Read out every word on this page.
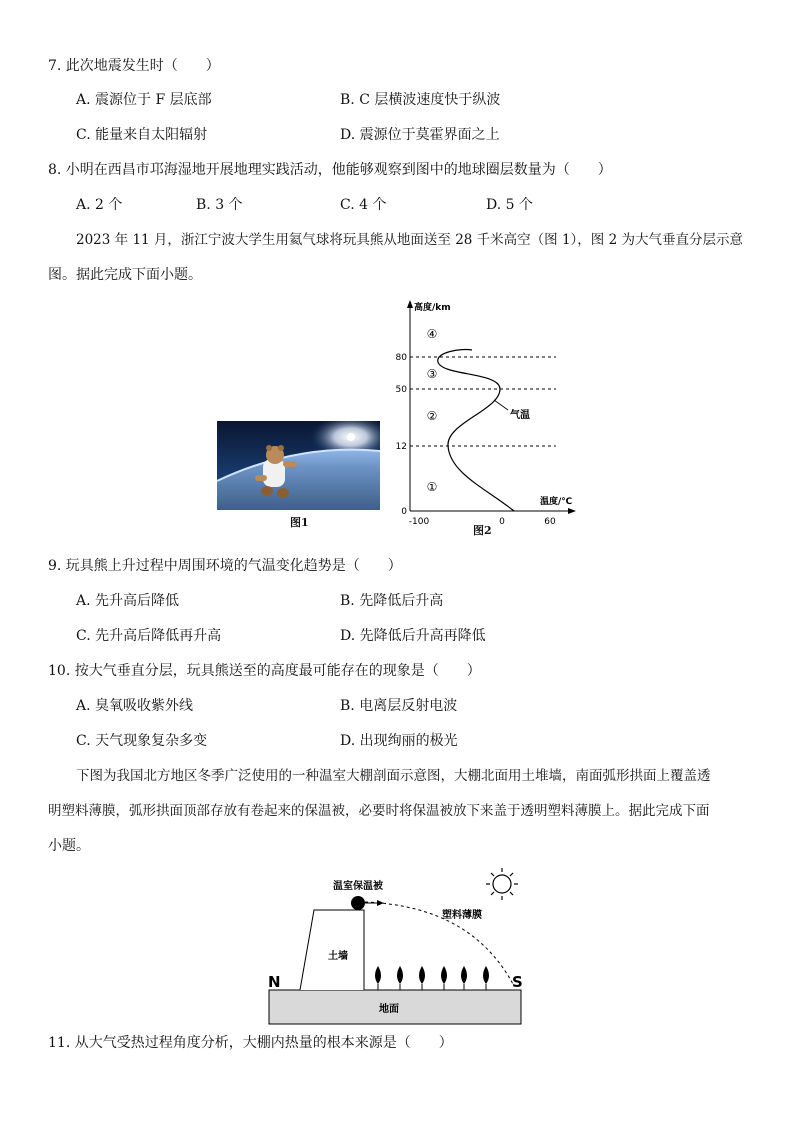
7. 此次地震发生时（　　）
A. 震源位于 F 层底部	B. C 层横波速度快于纵波
C. 能量来自太阳辐射	D. 震源位于莫霍界面之上
8. 小明在西昌市邛海湿地开展地理实践活动，他能够观察到图中的地球圈层数量为（　　）
A. 2 个	B. 3 个	C. 4 个	D. 5 个
2023 年 11 月，浙江宁波大学生用氦气球将玩具熊从地面送至 28 千米高空（图 1），图 2 为大气垂直分层示意
图。据此完成下面小题。
图1
高度/km
温度/℃
80
50
12
0
-100	0	60
④
③
②
①
气温
图2
9. 玩具熊上升过程中周围环境的气温变化趋势是（　　）
A. 先升高后降低	B. 先降低后升高
C. 先升高后降低再升高	D. 先降低后升高再降低
10. 按大气垂直分层，玩具熊送至的高度最可能存在的现象是（　　）
A. 臭氧吸收紫外线	B. 电离层反射电波
C. 天气现象复杂多变	D. 出现绚丽的极光
下图为我国北方地区冬季广泛使用的一种温室大棚剖面示意图，大棚北面用土堆墙，南面弧形拱面上覆盖透
明塑料薄膜，弧形拱面顶部存放有卷起来的保温被，必要时将保温被放下来盖于透明塑料薄膜上。据此完成下面
小题。
地面
土墙
温室保温被
塑料薄膜
N	S
11. 从大气受热过程角度分析，大棚内热量的根本来源是（　　）
